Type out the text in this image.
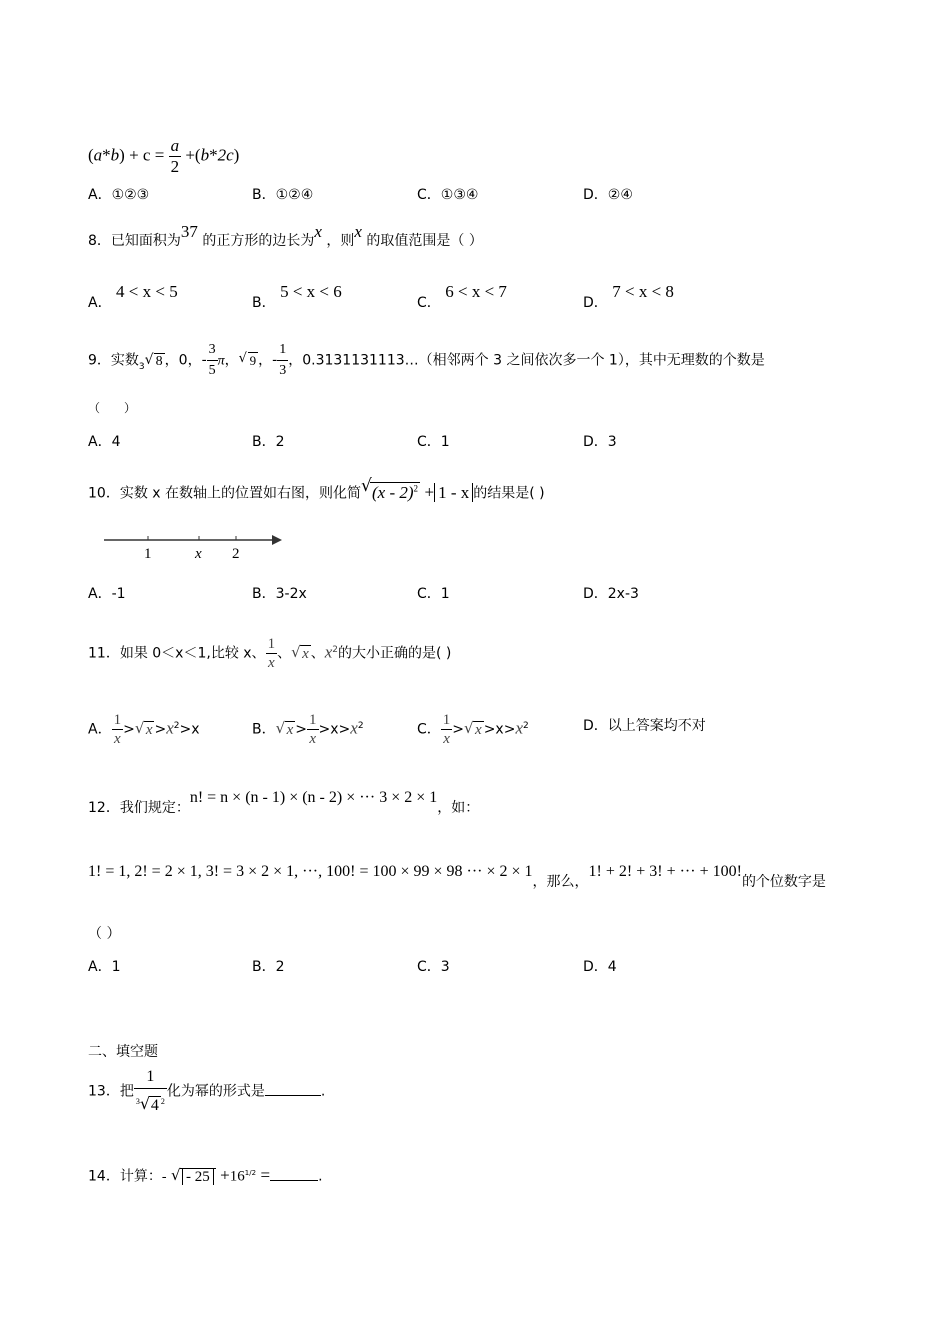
$(a*b) + c = \frac{a}{2} +(b*2c)$
A．①②③	B．①②④	C．①③④	D．②④
8．已知面积为37 的正方形的边长为x ，则x 的取值范围是（ ）
A． 4 < x < 5
B． 5 < x < 6
C． 6 < x < 7
D． 7 < x < 8
9．实数$_3$ √ 8 ，0，- $\frac{3}{5}$ π， √ 9 ，- $\frac{1}{3}$ ，0.3131131113…（相邻两个 3 之间依次多一个 1），其中无理数的个数是
（　　）
A．4	B．2	C．1	D．3
10．实数 x 在数轴上的位置如右图，则化简 √ (x - 2)$^2$ + 1 - x 的结果是( )
1	x 2
A．-1	B．3-2x	C．1	D．2x-3
11．如果 0＜x＜1,比较 x、 $\frac{1}{x}$ 、 √ x 、$x^2$的大小正确的是( )
A． $\frac{1}{x}$ > √ $x >x^2>x$	B． √ $x > \frac{1}{x} >x>x^2$	C． $\frac{1}{x}$ > √ $x >x>x^2$	D．以上答案均不对
12．我们规定：n! = n × (n - 1) × (n - 2) × ··· 3 × 2 × 1，如：
1! = 1, 2! = 2 × 1, 3! = 3 × 2 × 1, ···, 100! = 100 × 99 × 98 ··· × 2 × 1，那么，1! + 2! + 3! + ··· + 100!的个位数字是
（ ）
A．1	B．2	C．3	D．4
二、填空题
13．把 $\frac{1}{^3 √ 4 ^2}$ 化为幂的形式是	.
14．计算：- √ - $25 +16^{1/2}$ =	.
